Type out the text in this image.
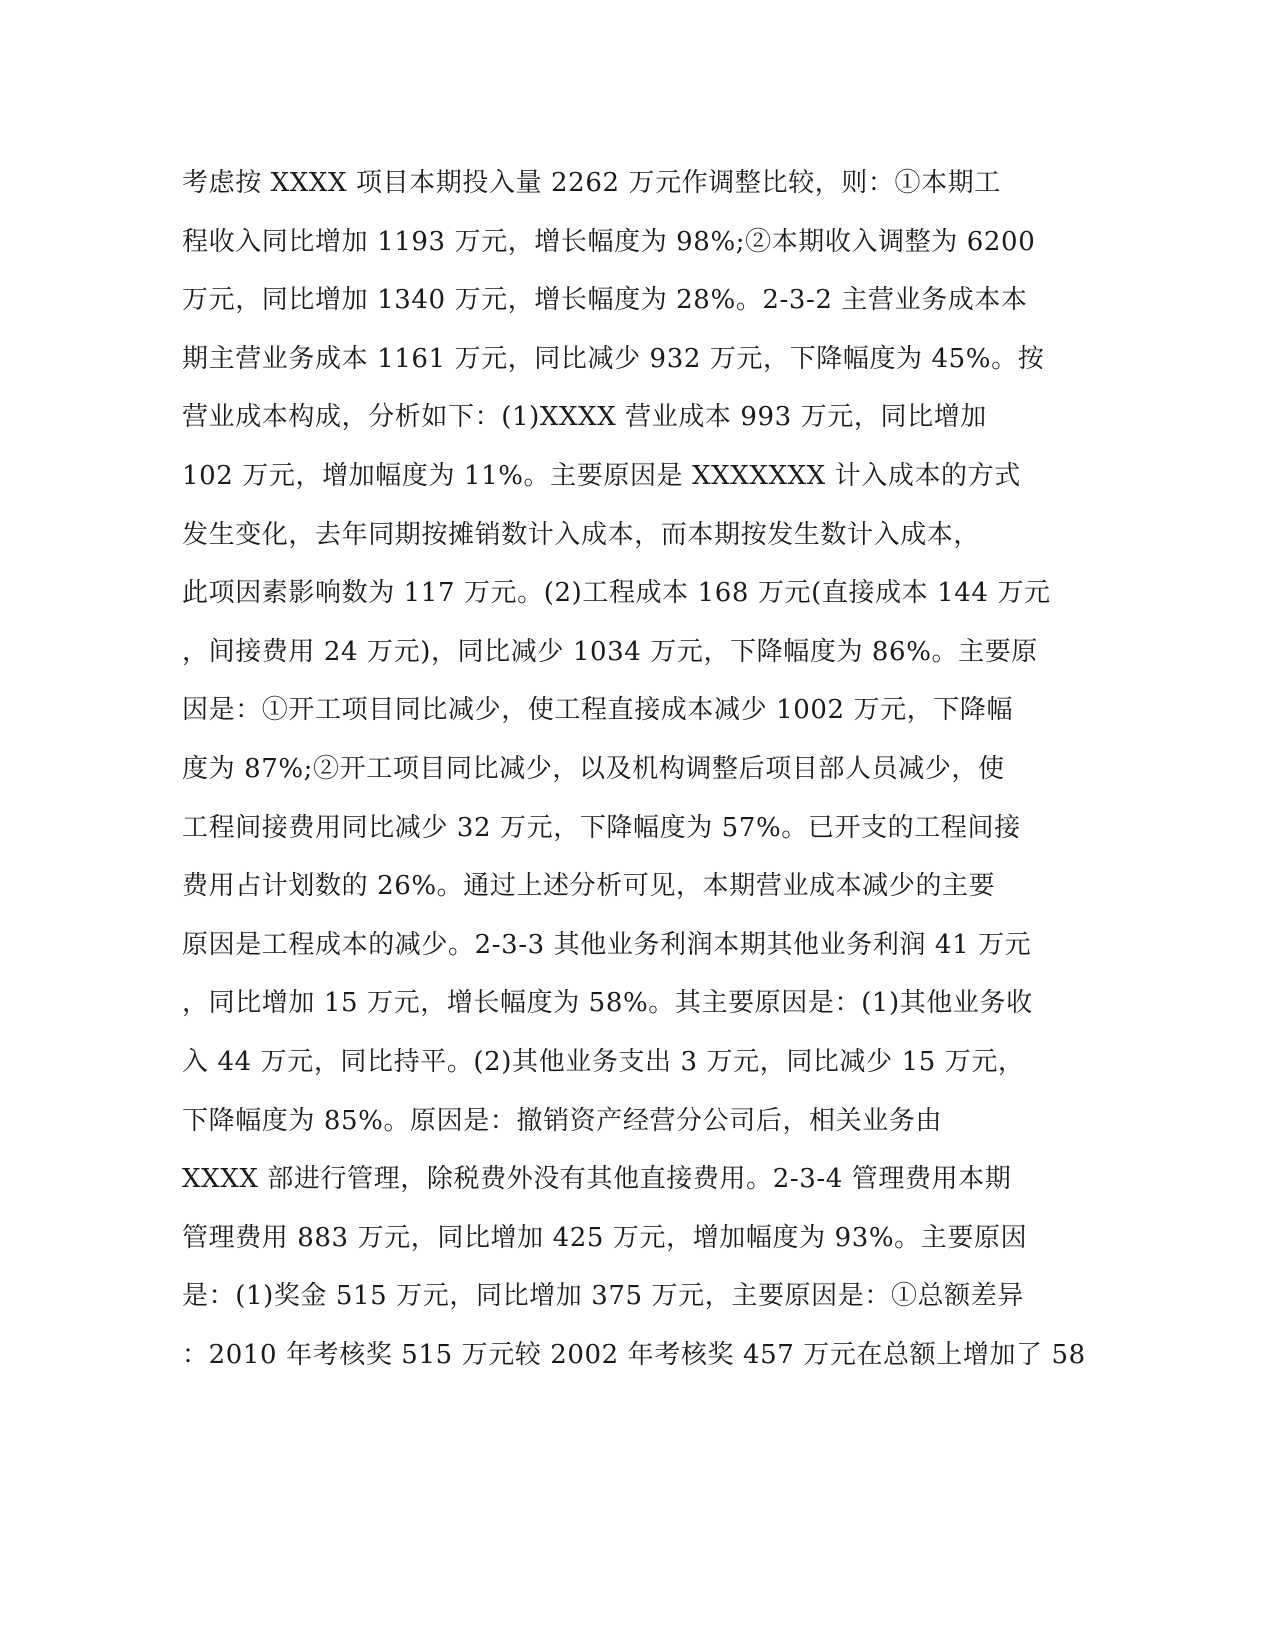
考虑按 XXXX 项目本期投入量 2262 万元作调整比较，则：①本期工
程收入同比增加 1193 万元，增长幅度为 98%;②本期收入调整为 6200
万元，同比增加 1340 万元，增长幅度为 28%。2-3-2 主营业务成本本
期主营业务成本 1161 万元，同比减少 932 万元，下降幅度为 45%。按
营业成本构成，分析如下：(1)XXXX 营业成本 993 万元，同比增加
102 万元，增加幅度为 11%。主要原因是 XXXXXXX 计入成本的方式
发生变化，去年同期按摊销数计入成本，而本期按发生数计入成本，
此项因素影响数为 117 万元。(2)工程成本 168 万元(直接成本 144 万元
，间接费用 24 万元)，同比减少 1034 万元，下降幅度为 86%。主要原
因是：①开工项目同比减少，使工程直接成本减少 1002 万元，下降幅
度为 87%;②开工项目同比减少，以及机构调整后项目部人员减少，使
工程间接费用同比减少 32 万元，下降幅度为 57%。已开支的工程间接
费用占计划数的 26%。通过上述分析可见，本期营业成本减少的主要
原因是工程成本的减少。2-3-3 其他业务利润本期其他业务利润 41 万元
，同比增加 15 万元，增长幅度为 58%。其主要原因是：(1)其他业务收
入 44 万元，同比持平。(2)其他业务支出 3 万元，同比减少 15 万元，
下降幅度为 85%。原因是：撤销资产经营分公司后，相关业务由
XXXX 部进行管理，除税费外没有其他直接费用。2-3-4 管理费用本期
管理费用 883 万元，同比增加 425 万元，增加幅度为 93%。主要原因
是：(1)奖金 515 万元，同比增加 375 万元，主要原因是：①总额差异
：2010 年考核奖 515 万元较 2002 年考核奖 457 万元在总额上增加了 58
